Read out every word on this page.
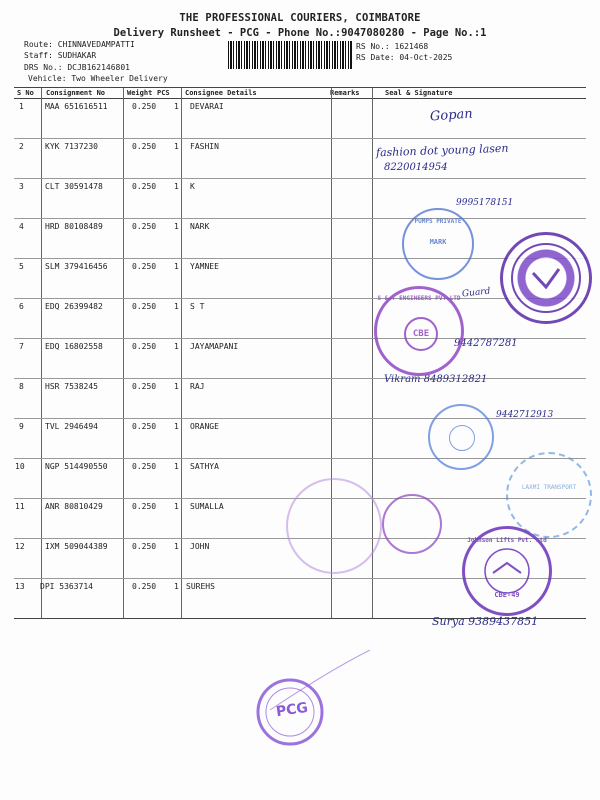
THE PROFESSIONAL COURIERS, COIMBATORE
Delivery Runsheet - PCG - Phone No.:9047080280 - Page No.:1
Route: CHINNAVEDAMPATTI
Staff: SUDHAKAR
DRS No.: DCJB162146801
Vehicle: Two Wheeler Delivery
RS No.: 1621468
RS Date: 04-Oct-2025
S No Consignment No	Weight PCS Consignee Details	Remarks	Seal & Signature
1	MAA 651616511	0.250 1 DEVARAI
2	KYK 7137230	0.250 1 FASHIN
3	CLT 30591478	0.250 1 K
4	HRD 80108489	0.250 1 NARK
5	SLM 379416456	0.250 1 YAMNEE
6	EDQ 26399482	0.250 1 S T
7	EDQ 16802558	0.250 1 JAYAMAPANI
8	HSR 7538245	0.250 1 RAJ
9	TVL 2946494	0.250 1 ORANGE
10	NGP 514490550	0.250 1 SATHYA
11	ANR 80810429	0.250 1 SUMALLA
12	IXM 509044389	0.250 1 JOHN
13 DPI 5363714	0.250 1 SUREHS
Gopan
fashion dot young lasen
8220014954
9995178151
Guard
9442787281
Vikram 8489312821
9442712913
Surya 9389437851
PUMPS PRIVATE
MARK
S & T ENGINEERS PVT LTD
CBE
LAXMI TRANSPORT
Johnson Lifts Pvt. Ltd
CBE-49
PCG
